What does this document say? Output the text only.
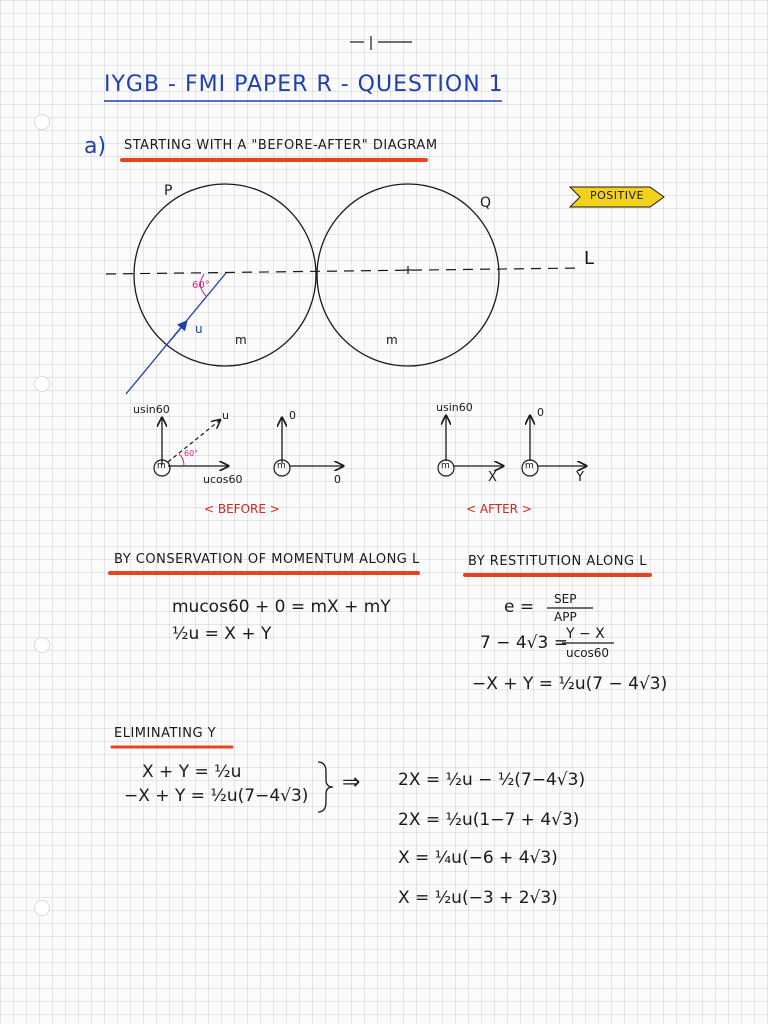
IYGB - FMI PAPER R - QUESTION 1
a) STARTING WITH A "BEFORE-AFTER" DIAGRAM
P
Q
L
POSITIVE
60°
u
m	m
usin60	u
60°
m
ucos60
0
m
0
< BEFORE >
usin60
m
X
0
m
Y
< AFTER >
BY CONSERVATION OF MOMENTUM ALONG L
mucos60 + 0 = mX + mY
½u = X + Y
BY RESTITUTION ALONG L
e = SEP
APP
7 − 4√3 =
Y − X
ucos60
−X + Y = ½u(7 − 4√3)
ELIMINATING Y
X + Y = ½u
−X + Y = ½u(7−4√3)
⇒ 2X = ½u − ½(7−4√3)
2X = ½u(1−7 + 4√3)
X = ¼u(−6 + 4√3)
X = ½u(−3 + 2√3)
